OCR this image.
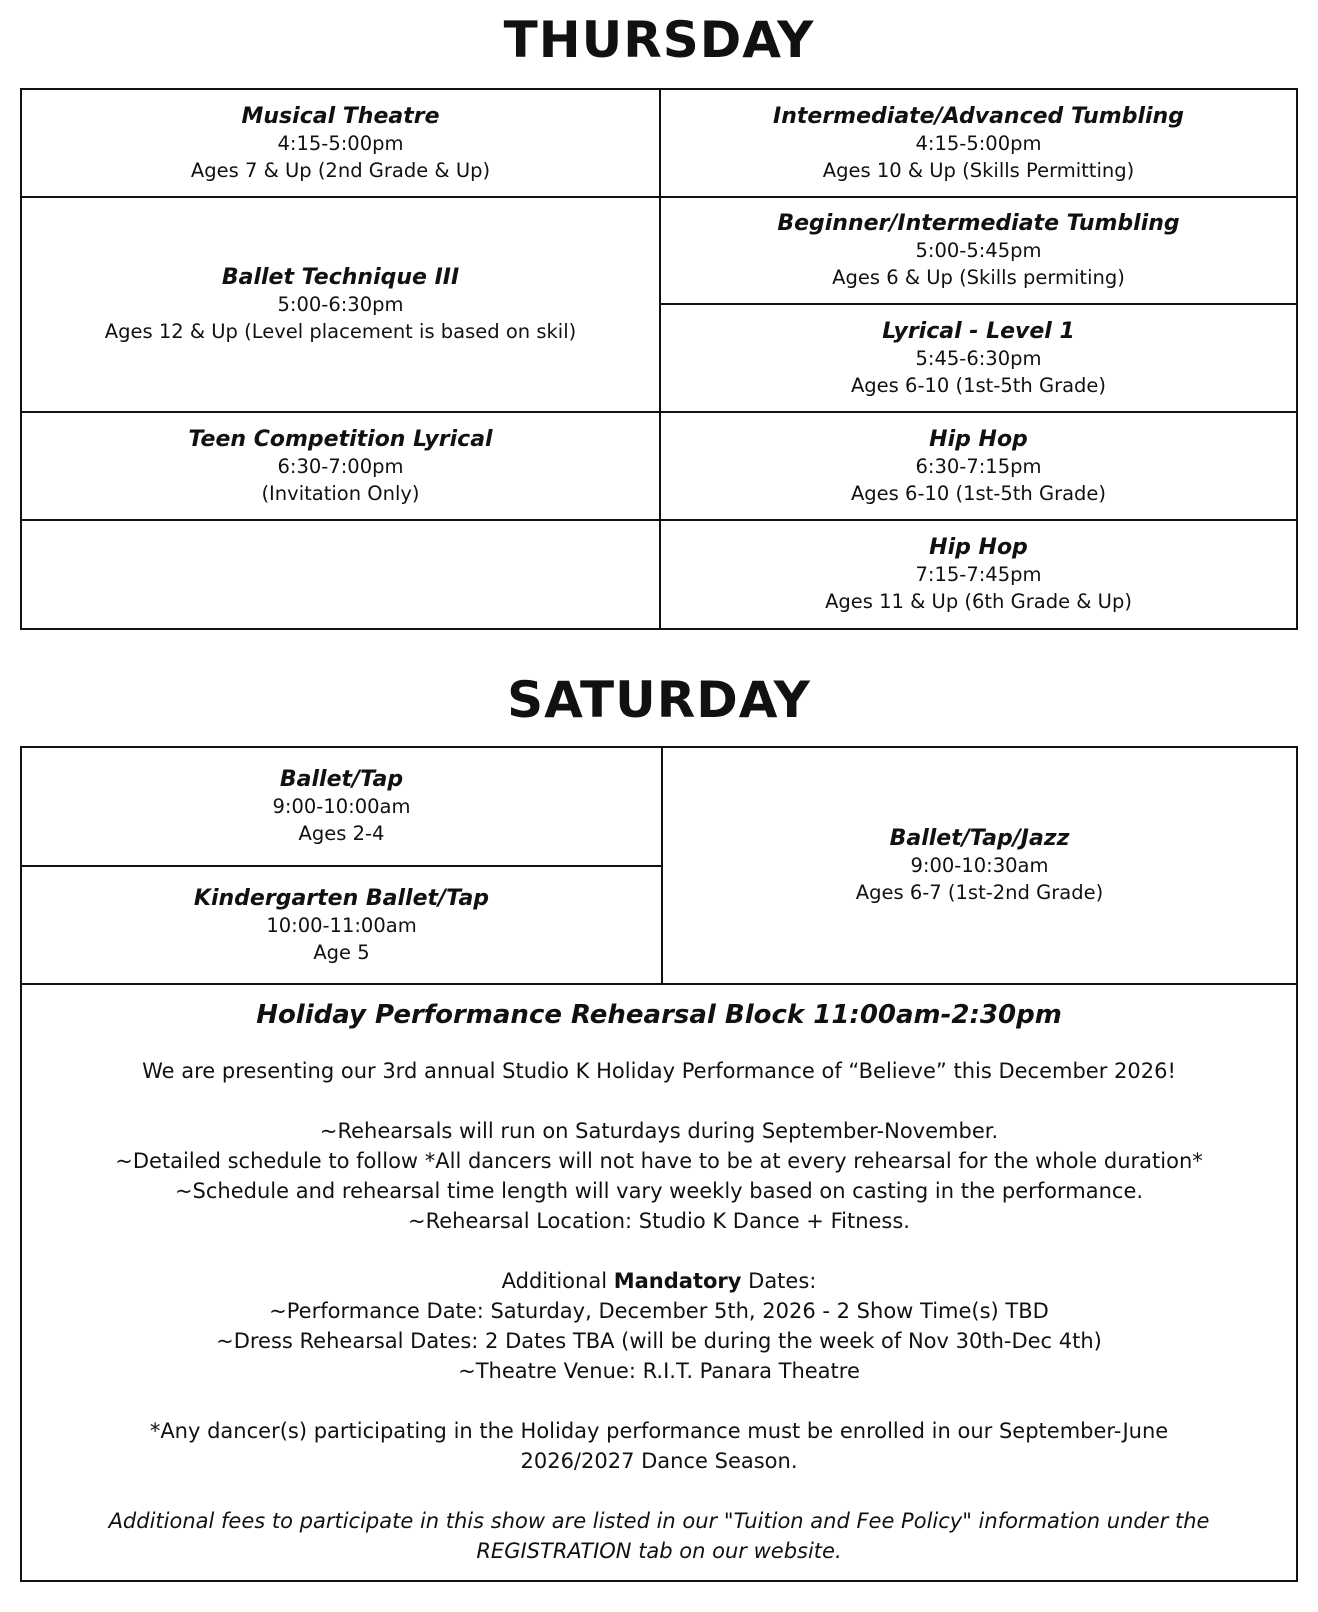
THURSDAY
Musical Theatre
4:15-5:00pm
Ages 7 & Up (2nd Grade & Up)
Ballet Technique III
5:00-6:30pm
Ages 12 & Up (Level placement is based on skil)
Teen Competition Lyrical
6:30-7:00pm
(Invitation Only)
Intermediate/Advanced Tumbling
4:15-5:00pm
Ages 10 & Up (Skills Permitting)
Beginner/Intermediate Tumbling
5:00-5:45pm
Ages 6 & Up (Skills permiting)
Lyrical - Level 1
5:45-6:30pm
Ages 6-10 (1st-5th Grade)
Hip Hop
6:30-7:15pm
Ages 6-10 (1st-5th Grade)
Hip Hop
7:15-7:45pm
Ages 11 & Up (6th Grade & Up)
SATURDAY
Ballet/Tap
9:00-10:00am
Ages 2-4
Kindergarten Ballet/Tap
10:00-11:00am
Age 5
Ballet/Tap/Jazz
9:00-10:30am
Ages 6-7 (1st-2nd Grade)
Holiday Performance Rehearsal Block 11:00am-2:30pm

We are presenting our 3rd annual Studio K Holiday Performance of “Believe” this December 2026!

~Rehearsals will run on Saturdays during September-November.

~Detailed schedule to follow *All dancers will not have to be at every rehearsal for the whole duration*

~Schedule and rehearsal time length will vary weekly based on casting in the performance.

~Rehearsal Location: Studio K Dance + Fitness.

Additional Mandatory Dates:

~Performance Date: Saturday, December 5th, 2026 - 2 Show Time(s) TBD

~Dress Rehearsal Dates: 2 Dates TBA (will be during the week of Nov 30th-Dec 4th)

~Theatre Venue: R.I.T. Panara Theatre

*Any dancer(s) participating in the Holiday performance must be enrolled in our September-June

2026/2027 Dance Season.

Additional fees to participate in this show are listed in our "Tuition and Fee Policy" information under the

REGISTRATION tab on our website.
